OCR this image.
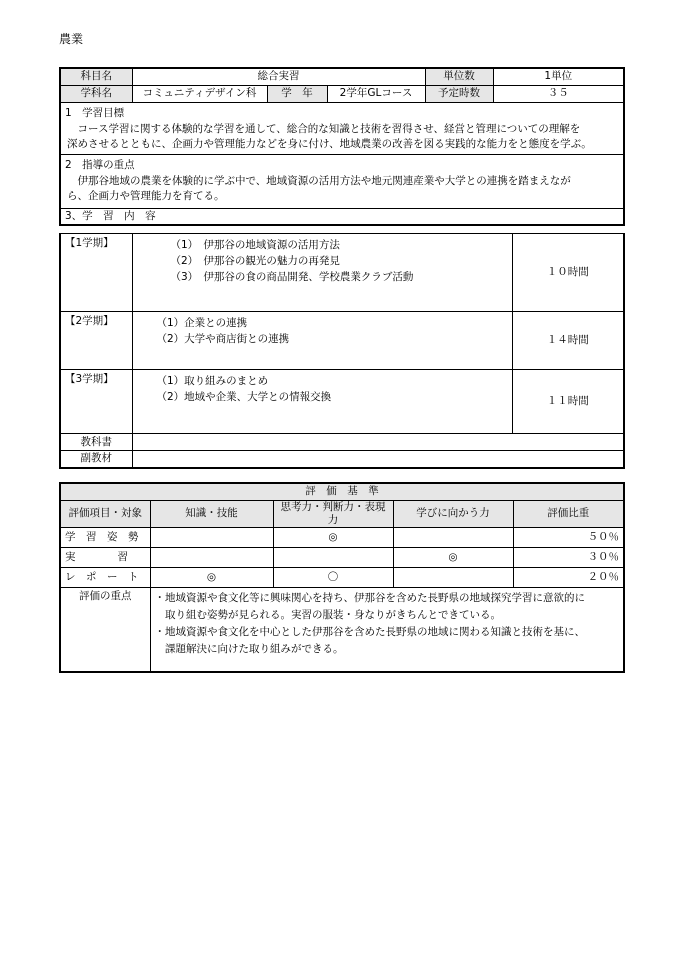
農業
科目名	総合実習			単位数	1単位
学科名	コミュニティデザイン科	学　年	2学年GLコース	予定時数	３５

1　学習目標
　コース学習に関する体験的な学習を通して、総合的な知識と技術を習得させ、経営と管理についての理解を
深めさせるとともに、企画力や管理能力などを身に付け、地域農業の改善を図る実践的な能力をと態度を学ぶ。					

2　指導の重点
　伊那谷地域の農業を体験的に学ぶ中で、地域資源の活用方法や地元関連産業や大学との連携を踏まえなが
ら、企画力や管理能力を育てる。					

3、学　習　内　容					
【1学期】	（1）　伊那谷の地域資源の活用方法
（2）　伊那谷の観光の魅力の再発見
（3）　伊那谷の食の商品開発、学校農業クラブ活動	１０時間
【2学期】	（1）企業との連携
（2）大学や商店街との連携	１４時間
【3学期】	（1）取り組みのまとめ
（2）地域や企業、大学との情報交換	１１時間
教科書		
副教材		
評　価　基　準				
評価項目・対象	知識・技能	思考力・判断力・表現力	学びに向かう力	評価比重
学　習　姿　勢		◎		５０％
実　　　　習			◎	３０％
レ　ポ　ー　ト	◎	〇		２０％
評価の重点	・地域資源や食文化等に興味関心を持ち、伊那谷を含めた長野県の地域探究学習に意欲的に
　取り組む姿勢が見られる。実習の服装・身なりがきちんとできている。
・地域資源や食文化を中心とした伊那谷を含めた長野県の地域に関わる知識と技術を基に、
　課題解決に向けた取り組みができる。			
